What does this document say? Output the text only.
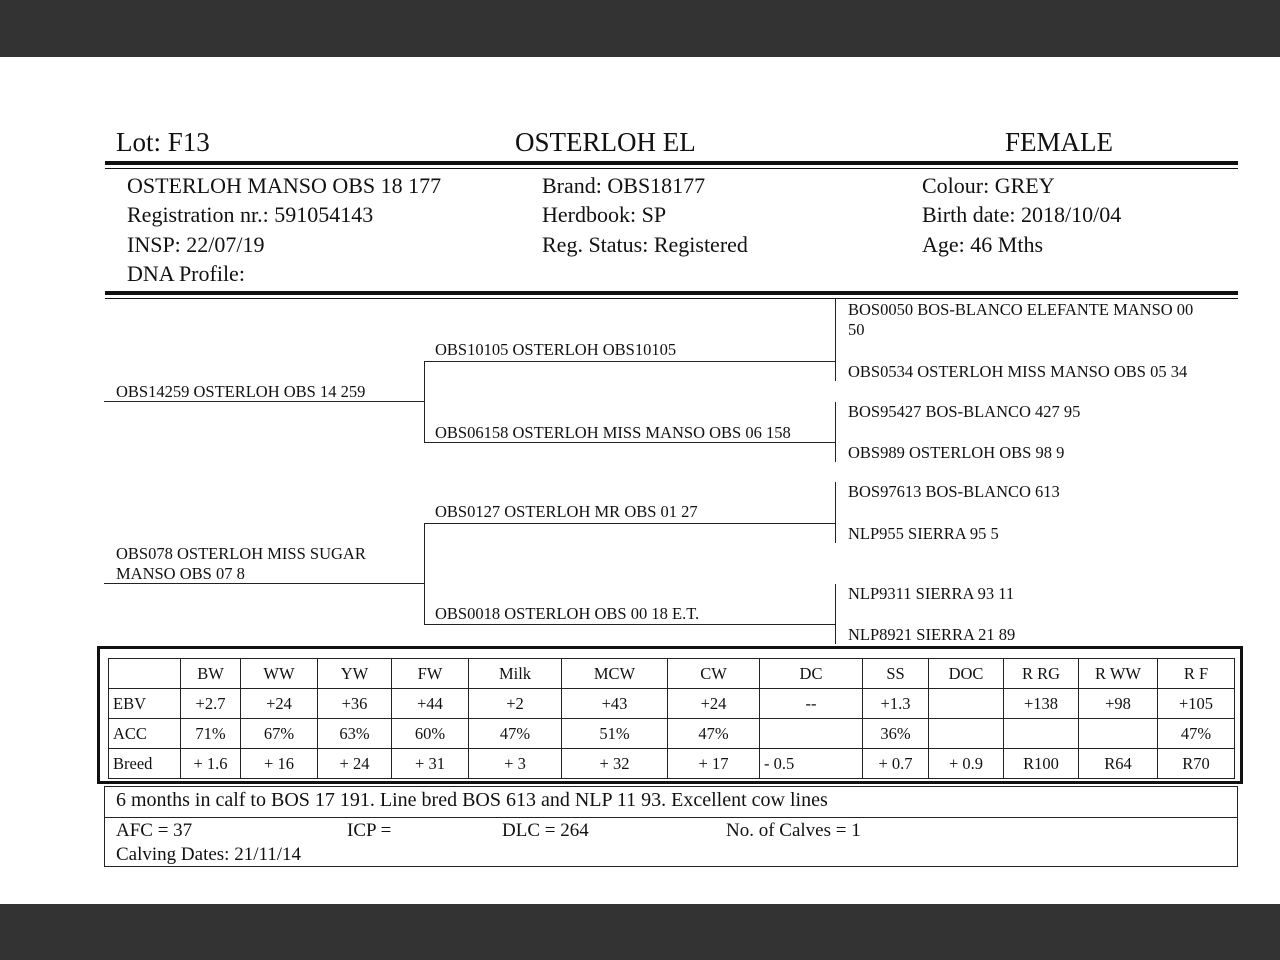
Lot: F13	OSTERLOH EL	FEMALE
OSTERLOH MANSO OBS 18 177
Registration nr.: 591054143
INSP: 22/07/19
DNA Profile:
Brand: OBS18177
Herdbook: SP
Reg. Status: Registered
Colour: GREY
Birth date: 2018/10/04
Age: 46 Mths
OBS14259 OSTERLOH OBS 14 259
OBS078 OSTERLOH MISS SUGAR
MANSO OBS 07 8
OBS10105 OSTERLOH OBS10105
OBS06158 OSTERLOH MISS MANSO OBS 06 158
OBS0127 OSTERLOH MR OBS 01 27
OBS0018 OSTERLOH OBS 00 18 E.T.
BOS0050 BOS-BLANCO ELEFANTE MANSO 00
50
OBS0534 OSTERLOH MISS MANSO OBS 05 34
BOS95427 BOS-BLANCO 427 95
OBS989 OSTERLOH OBS 98 9
BOS97613 BOS-BLANCO 613
NLP955 SIERRA 95 5
NLP9311 SIERRA 93 11
NLP8921 SIERRA 21 89
	BW	WW	YW	FW	Milk	MCW	CW	DC	SS	DOC	R RG	R WW	R F
EBV	+2.7	+24	+36	+44	+2	+43	+24	--	+1.3		+138	+98	+105
ACC	71%	67%	63%	60%	47%	51%	47%		36%				47%
Breed	+ 1.6	+ 16	+ 24	+ 31	+ 3	+ 32	+ 17	- 0.5	+ 0.7	+ 0.9	R100	R64	R70
6 months in calf to BOS 17 191. Line bred BOS 613 and NLP 11 93. Excellent cow lines
AFC = 37	ICP =	DLC = 264	No. of Calves = 1
Calving Dates: 21/11/14
